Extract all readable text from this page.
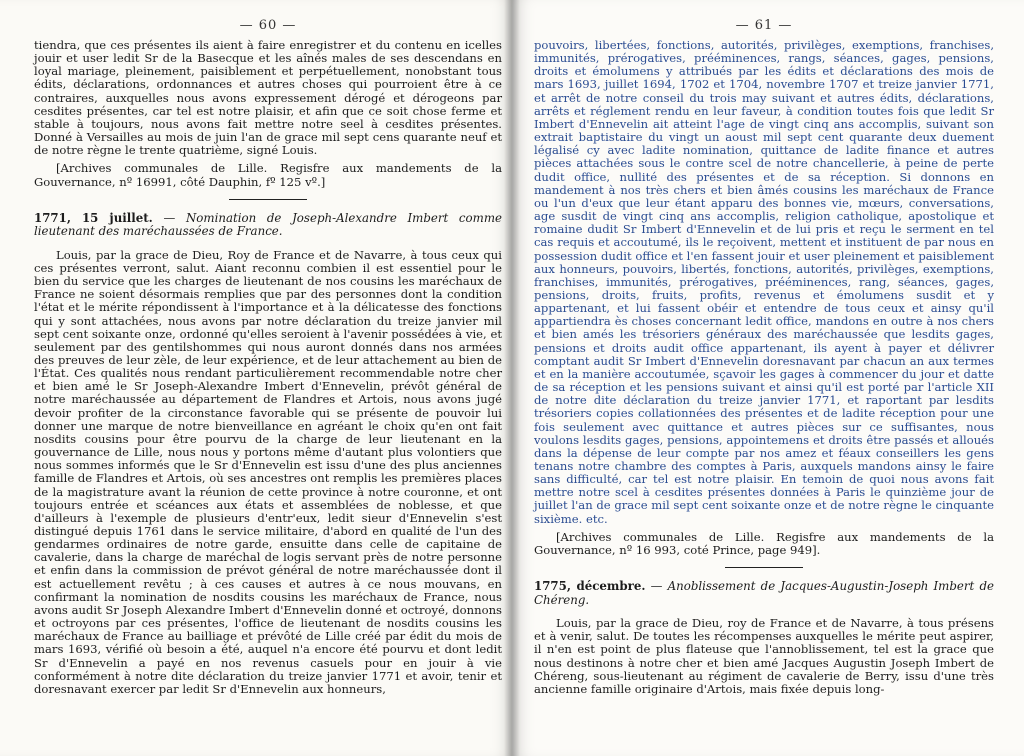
— 60 —

tiendra, que ces présentes ils aient à faire enregistrer et du contenu en icelles jouir et user ledit Sr de la Basecque et les aînés males de ses descendans en loyal mariage, pleinement, paisiblement et perpétuellement, nonobstant tous édits, déclarations, ordonnances et autres choses qui pourroient être à ce contraires, auxquelles nous avons expressement dérogé et dérogeons par cesdites présentes, car tel est notre plaisir, et afin que ce soit chose ferme et stable à toujours, nous avons fait mettre notre seel à cesdites présentes. Donné à Versailles au mois de juin l'an de grace mil sept cens quarante neuf et de notre règne le trente quatrième, signé Louis.

[Archives communales de Lille. Regisfre aux mandements de la Gouvernance, nº 16991, côté Dauphin, fº 125 vº.]

1771, 15 juillet. — Nomination de Joseph-Alexandre Imbert comme lieutenant des maréchaussées de France.

Louis, par la grace de Dieu, Roy de France et de Navarre, à tous ceux qui ces présentes verront, salut. Aiant reconnu combien il est essentiel pour le bien du service que les charges de lieutenant de nos cousins les maréchaux de France ne soient désormais remplies que par des personnes dont la condition l'état et le mérite répondissent à l'importance et à la délicatesse des fonctions qui y sont attachées, nous avons par notre déclaration du treize janvier mil sept cent soixante onze, ordonné qu'elles seroient à l'avenir possédées à vie, et seulement par des gentilshommes qui nous auront donnés dans nos armées des preuves de leur zèle, de leur expérience, et de leur attachement au bien de l'État. Ces qualités nous rendant particulièrement recommendable notre cher et bien amé le Sr Joseph-Alexandre Imbert d'Ennevelin, prévôt général de notre maréchaussée au département de Flandres et Artois, nous avons jugé devoir profiter de la circonstance favorable qui se présente de pouvoir lui donner une marque de notre bienveillance en agréant le choix qu'en ont fait nosdits cousins pour être pourvu de la charge de leur lieutenant en la gouvernance de Lille, nous nous y portons même d'autant plus volontiers que nous sommes informés que le Sr d'Ennevelin est issu d'une des plus anciennes famille de Flandres et Artois, où ses ancestres ont remplis les premières places de la magistrature avant la réunion de cette province à notre couronne, et ont toujours entrée et scéances aux états et assemblées de noblesse, et que d'ailleurs à l'exemple de plusieurs d'entr'eux, ledit sieur d'Ennevelin s'est distingué depuis 1761 dans le service militaire, d'abord en qualité de l'un des gendarmes ordinaires de notre garde, ensuitte dans celle de capitaine de cavalerie, dans la charge de maréchal de logis servant près de notre personne et enfin dans la commission de prévot général de notre maréchaussée dont il est actuellement revêtu ; à ces causes et autres à ce nous mouvans, en confirmant la nomination de nosdits cousins les maréchaux de France, nous avons audit Sr Joseph Alexandre Imbert d'Ennevelin donné et octroyé, donnons et octroyons par ces présentes, l'office de lieutenant de nosdits cousins les maréchaux de France au bailliage et prévôté de Lille créé par édit du mois de mars 1693, vérifié où besoin a été, auquel n'a encore été pourvu et dont ledit Sr d'Ennevelin a payé en nos revenus casuels pour en jouir à vie conformément à notre dite déclaration du treize janvier 1771 et avoir, tenir et doresnavant exercer par ledit Sr d'Ennevelin aux honneurs,

— 61 —

pouvoirs, libertées, fonctions, autorités, privilèges, exemptions, franchises, immunités, prérogatives, prééminences, rangs, séances, gages, pensions, droits et émolumens y attribués par les édits et déclarations des mois de mars 1693, juillet 1694, 1702 et 1704, novembre 1707 et treize janvier 1771, et arrêt de notre conseil du trois may suivant et autres édits, déclarations, arrêts et réglement rendu en leur faveur, à condition toutes fois que ledit Sr Imbert d'Ennevelin ait atteint l'age de vingt cinq ans accomplis, suivant son extrait baptistaire du vingt un aoust mil sept cent quarante deux duement légalisé cy avec ladite nomination, quittance de ladite finance et autres pièces attachées sous le contre scel de notre chancellerie, à peine de perte dudit office, nullité des présentes et de sa réception. Si donnons en mandement à nos très chers et bien âmés cousins les maréchaux de France ou l'un d'eux que leur étant apparu des bonnes vie, mœurs, conversations, age susdit de vingt cinq ans accomplis, religion catholique, apostolique et romaine dudit Sr Imbert d'Ennevelin et de lui pris et reçu le serment en tel cas requis et accoutumé, ils le reçoivent, mettent et instituent de par nous en possession dudit office et l'en fassent jouir et user pleinement et paisiblement aux honneurs, pouvoirs, libertés, fonctions, autorités, privilèges, exemptions, franchises, immunités, prérogatives, prééminences, rang, séances, gages, pensions, droits, fruits, profits, revenus et émolumens susdit et y appartenant, et lui fassent obéir et entendre de tous ceux et ainsy qu'il appartiendra ès choses concernant ledit office, mandons en outre à nos chers et bien amés les trésoriers généraux des maréchaussée que lesdits gages, pensions et droits audit office appartenant, ils ayent à payer et délivrer comptant audit Sr Imbert d'Ennevelin doresnavant par chacun an aux termes et en la manière accoutumée, sçavoir les gages à commencer du jour et datte de sa réception et les pensions suivant et ainsi qu'il est porté par l'article XII de notre dite déclaration du treize janvier 1771, et raportant par lesdits trésoriers copies collationnées des présentes et de ladite réception pour une fois seulement avec quittance et autres pièces sur ce suffisantes, nous voulons lesdits gages, pensions, appointemens et droits être passés et alloués dans la dépense de leur compte par nos amez et féaux conseillers les gens tenans notre chambre des comptes à Paris, auxquels mandons ainsy le faire sans difficulté, car tel est notre plaisir. En temoin de quoi nous avons fait mettre notre scel à cesdites présentes données à Paris le quinzième jour de juillet l'an de grace mil sept cent soixante onze et de notre règne le cinquante sixième. etc.

[Archives communales de Lille. Regisfre aux mandements de la Gouvernance, nº 16 993, coté Prince, page 949].

1775, décembre. — Anoblissement de Jacques-Augustin-Joseph Imbert de Chéreng.

Louis, par la grace de Dieu, roy de France et de Navarre, à tous présens et à venir, salut. De toutes les récompenses auxquelles le mérite peut aspirer, il n'en est point de plus flateuse que l'annoblissement, tel est la grace que nous destinons à notre cher et bien amé Jacques Augustin Joseph Imbert de Chéreng, sous-lieutenant au régiment de cavalerie de Berry, issu d'une très ancienne famille originaire d'Artois, mais fixée depuis long-
